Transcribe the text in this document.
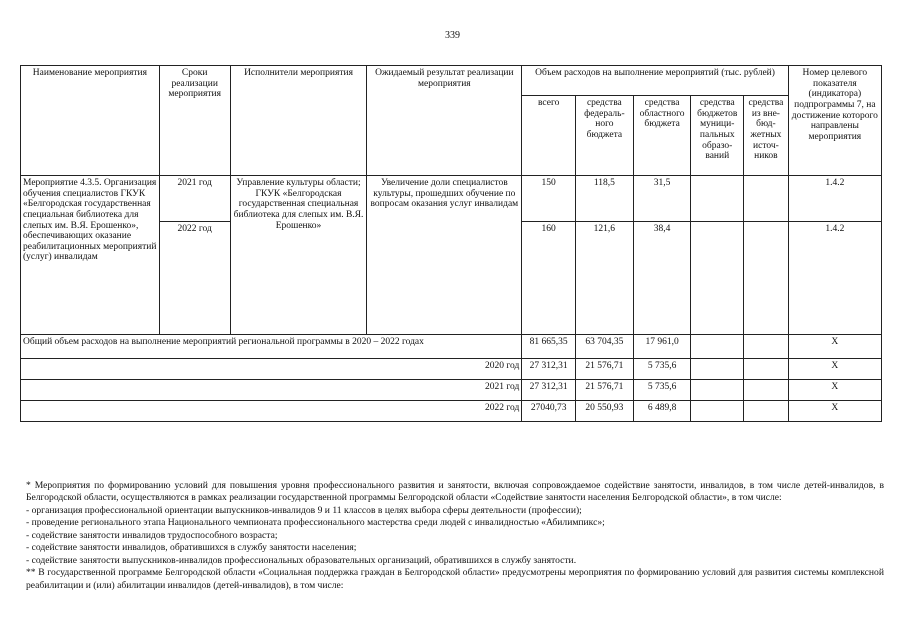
339
Наименование мероприятия	Сроки реализации мероприятия	Исполнители мероприятия	Ожидаемый результат реализации мероприятия	Объем расходов на выполнение мероприятий (тыс. рублей)					Номер целевого показателя (индикатора) подпрограммы 7, на достижение которого направлены мероприятия
				всего	средства федераль-ного бюджета	средства областного бюджета	средства бюджетов муници-пальных образо-ваний	средства из вне-бюд-жетных источ-ников	
Мероприятие 4.3.5. Организация обучения специалистов ГКУК «Белгородская государственная специальная библиотека для слепых им. В.Я. Ерошенко», обеспечивающих оказание реабилитационных мероприятий (услуг) инвалидам	2021 год	Управление культуры области; ГКУК «Белгородская государственная специальная библиотека для слепых им. В.Я. Ерошенко»	Увеличение доли специалистов культуры, прошедших обучение по вопросам оказания услуг инвалидам	150	118,5	31,5			1.4.2
	2022 год			160	121,6	38,4			1.4.2
Общий объем расходов на выполнение мероприятий региональной программы в 2020 – 2022 годах				81 665,35	63 704,35	17 961,0			Х
2020 год				27 312,31	21 576,71	5 735,6			Х
2021 год				27 312,31	21 576,71	5 735,6			Х
2022 год				27040,73	20 550,93	6 489,8			Х

* Мероприятия по формированию условий для повышения уровня профессионального развития и занятости, включая сопровождаемое содействие занятости, инвалидов, в том числе детей-инвалидов, в Белгородской области, осуществляются в рамках реализации государственной программы Белгородской области «Содействие занятости населения Белгородской области», в том числе:

- организация профессиональной ориентации выпускников-инвалидов 9 и 11 классов в целях выбора сферы деятельности (профессии);

- проведение регионального этапа Национального чемпионата профессионального мастерства среди людей с инвалидностью «Абилимпикс»;

- содействие занятости инвалидов трудоспособного возраста;

- содействие занятости инвалидов, обратившихся в службу занятости населения;

- содействие занятости выпускников-инвалидов профессиональных образовательных организаций, обратившихся в службу занятости.

** В государственной программе Белгородской области «Социальная поддержка граждан в Белгородской области» предусмотрены мероприятия по формированию условий для развития системы комплексной реабилитации и (или) абилитации инвалидов (детей-инвалидов), в том числе:
